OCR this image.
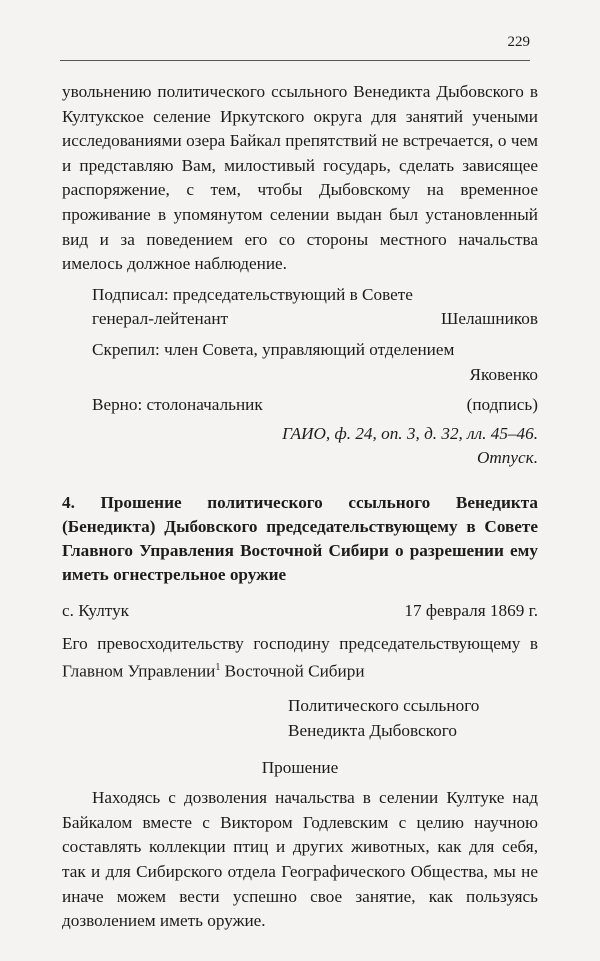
229

увольнению политического ссыльного Венедикта Дыбовского в Култукское селение Иркутского округа для занятий учеными исследованиями озера Байкал препятствий не встречается, о чем и представляю Вам, милостивый государь, сделать зависящее распоряжение, с тем, чтобы Дыбовскому на временное проживание в упомянутом селении выдан был установленный вид и за поведением его со стороны местного начальства имелось должное наблюдение.

Подписал: председательствующий в Совете
генерал-лейтенант	Шелашников
Скрепил: член Совета, управляющий отделением
Яковенко
Верно: столоначальник	(подпись)
ГАИО, ф. 24, оп. 3, д. 32, лл. 45–46.
Отпуск.

4. Прошение политического ссыльного Венедикта (Бенедикта) Дыбовского председательствующему в Совете Главного Управления Восточной Сибири о разрешении ему иметь огнестрельное оружие

с. Култук	17 февраля 1869 г.

Его превосходительству господину председательствующему в Главном Управлении$^1$ Восточной Сибири

Политического ссыльного
Венедикта Дыбовского
Прошение

Находясь с дозволения начальства в селении Култуке над Байкалом вместе с Виктором Годлевским с целию научною составлять коллекции птиц и других животных, как для себя, так и для Сибирского отдела Географического Общества, мы не иначе можем вести успешно свое занятие, как пользуясь дозволением иметь оружие.
